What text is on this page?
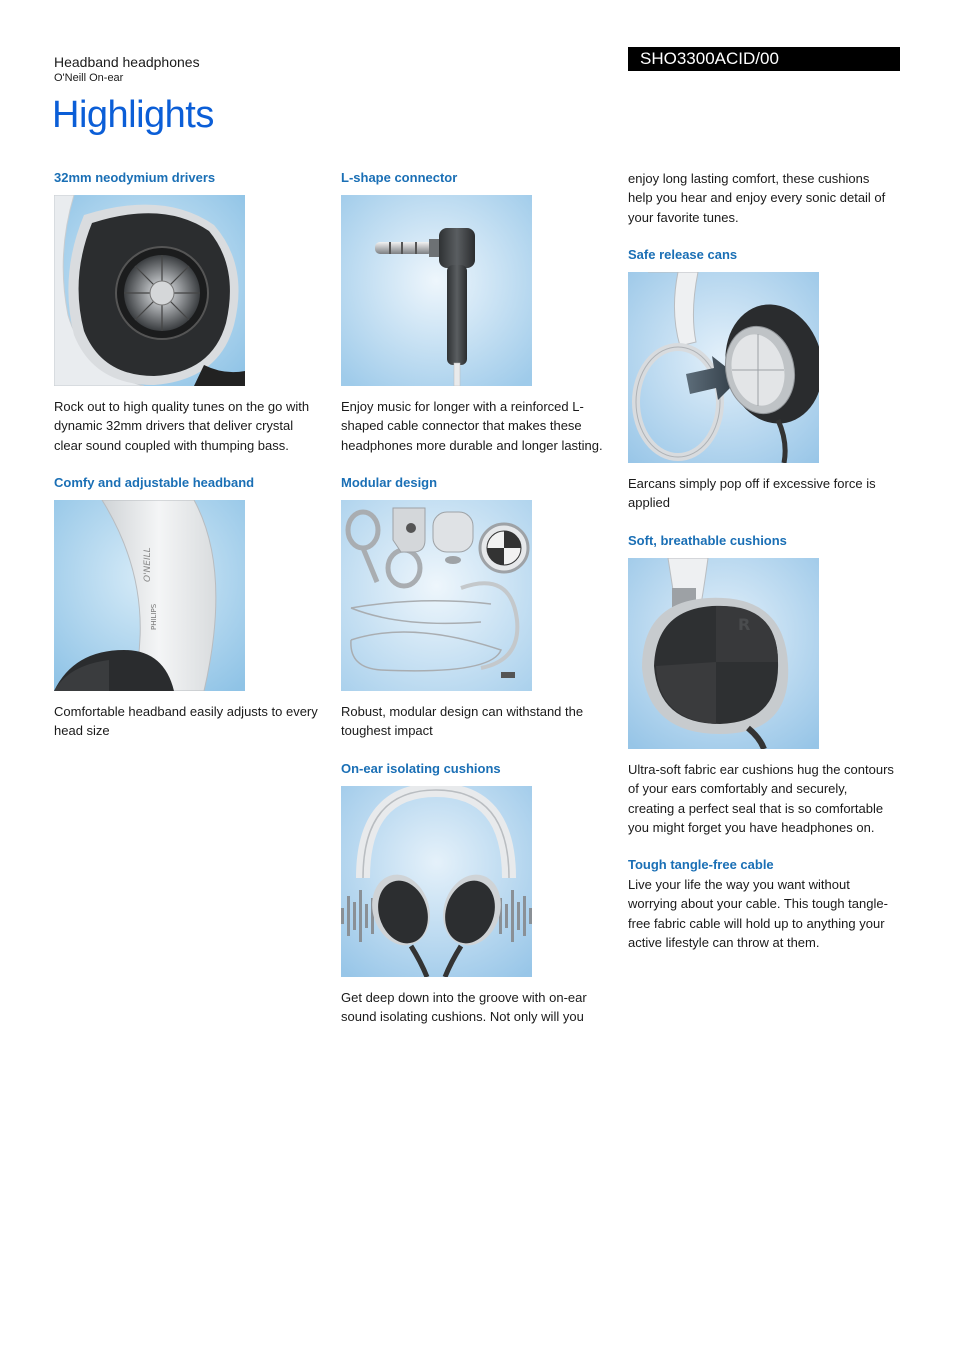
Headband headphones
O'Neill On-ear
SHO3300ACID/00
Highlights
32mm neodymium drivers
Rock out to high quality tunes on the go with dynamic 32mm drivers that deliver crystal clear sound coupled with thumping bass.
Comfy and adjustable headband
PHILIPS
O'NEILL
Comfortable headband easily adjusts to every head size
L-shape connector
Enjoy music for longer with a reinforced L-shaped cable connector that makes these headphones more durable and longer lasting.
Modular design
Robust, modular design can withstand the toughest impact
On-ear isolating cushions
Get deep down into the groove with on-ear sound isolating cushions. Not only will you
enjoy long lasting comfort, these cushions help you hear and enjoy every sonic detail of your favorite tunes.
Safe release cans
Earcans simply pop off if excessive force is applied
Soft, breathable cushions
R
Ultra-soft fabric ear cushions hug the contours of your ears comfortably and securely, creating a perfect seal that is so comfortable you might forget you have headphones on.
Tough tangle-free cable
Live your life the way you want without worrying about your cable. This tough tangle-free fabric cable will hold up to anything your active lifestyle can throw at them.
